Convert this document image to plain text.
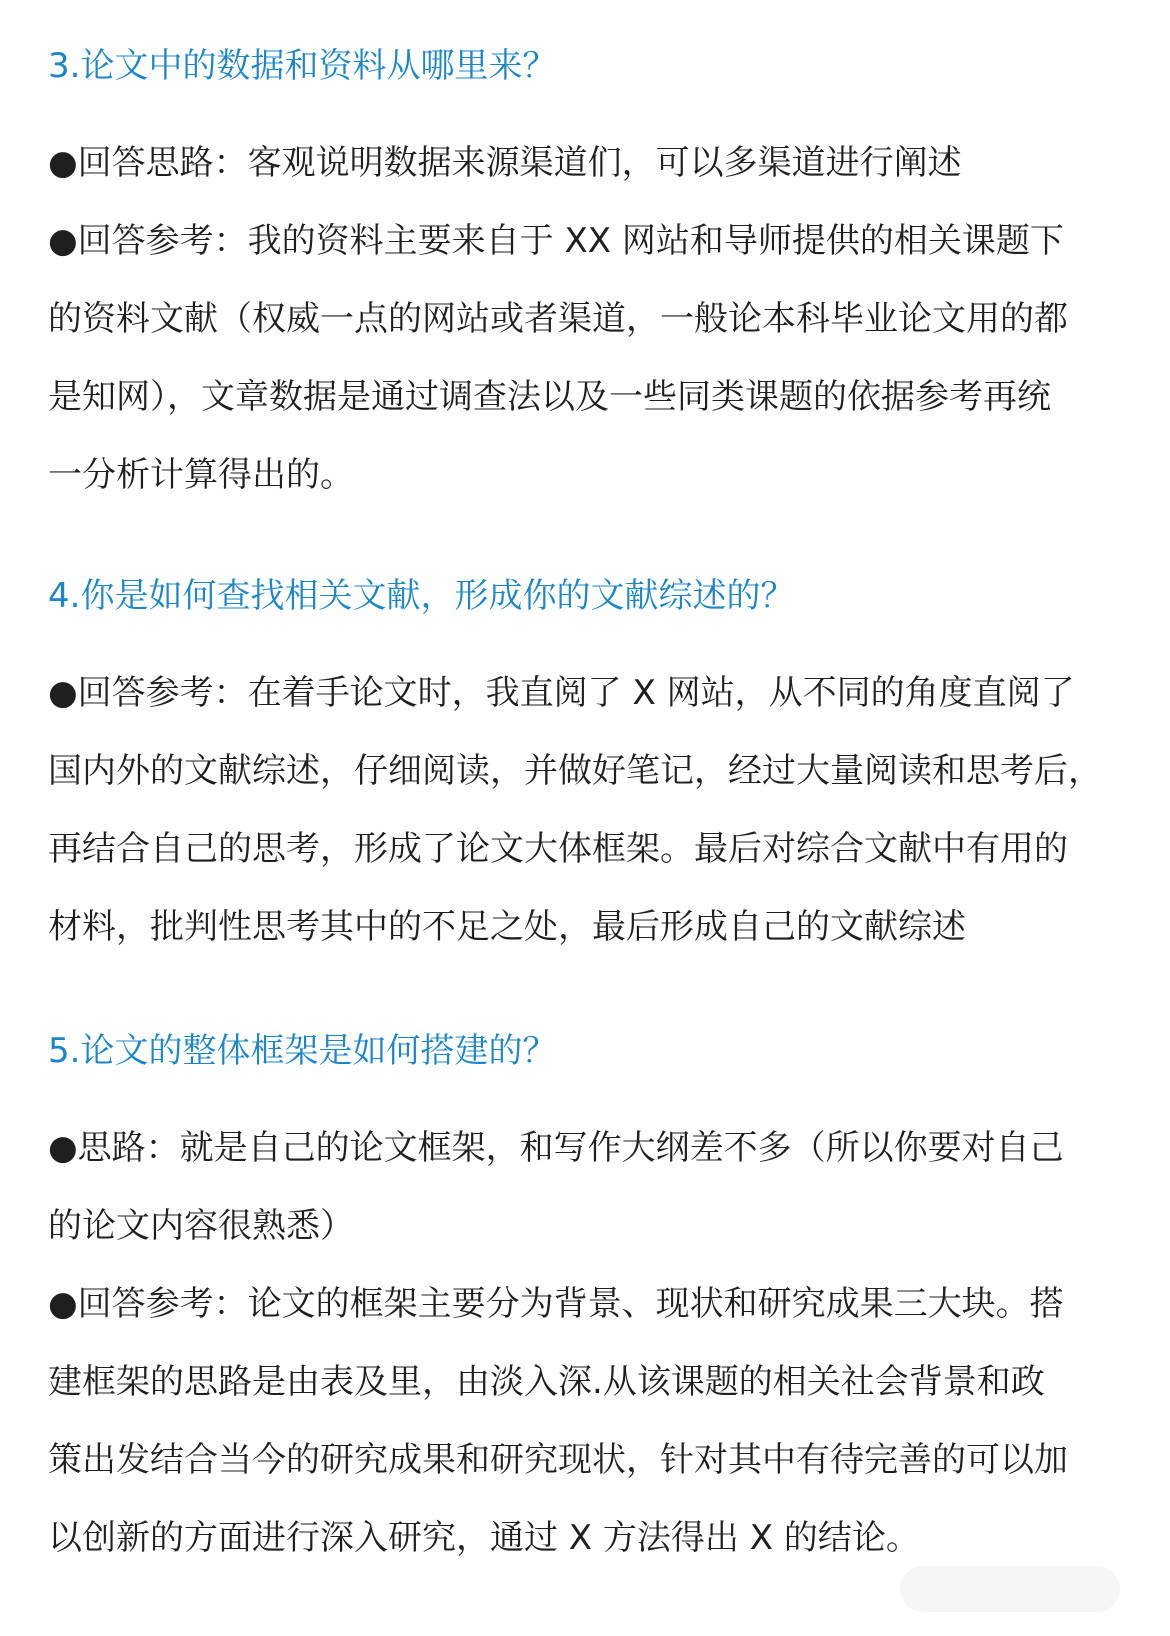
3.论文中的数据和资料从哪里来？
●回答思路：客观说明数据来源渠道们，可以多渠道进行阐述
●回答参考：我的资料主要来自于 XX 网站和导师提供的相关课题下
的资料文献（权威一点的网站或者渠道，一般论本科毕业论文用的都
是知网），文章数据是通过调查法以及一些同类课题的依据参考再统
一分析计算得出的。
4.你是如何查找相关文献，形成你的文献综述的？
●回答参考：在着手论文时，我直阅了 X 网站，从不同的角度直阅了
国内外的文献综述，仔细阅读，并做好笔记，经过大量阅读和思考后，
再结合自己的思考，形成了论文大体框架。最后对综合文献中有用的
材料，批判性思考其中的不足之处，最后形成自己的文献综述
5.论文的整体框架是如何搭建的？
●思路：就是自己的论文框架，和写作大纲差不多（所以你要对自己
的论文内容很熟悉）
●回答参考：论文的框架主要分为背景、现状和研究成果三大块。搭
建框架的思路是由表及里，由淡入深.从该课题的相关社会背景和政
策出发结合当今的研究成果和研究现状，针对其中有待完善的可以加
以创新的方面进行深入研究，通过 X 方法得出 X 的结论。
